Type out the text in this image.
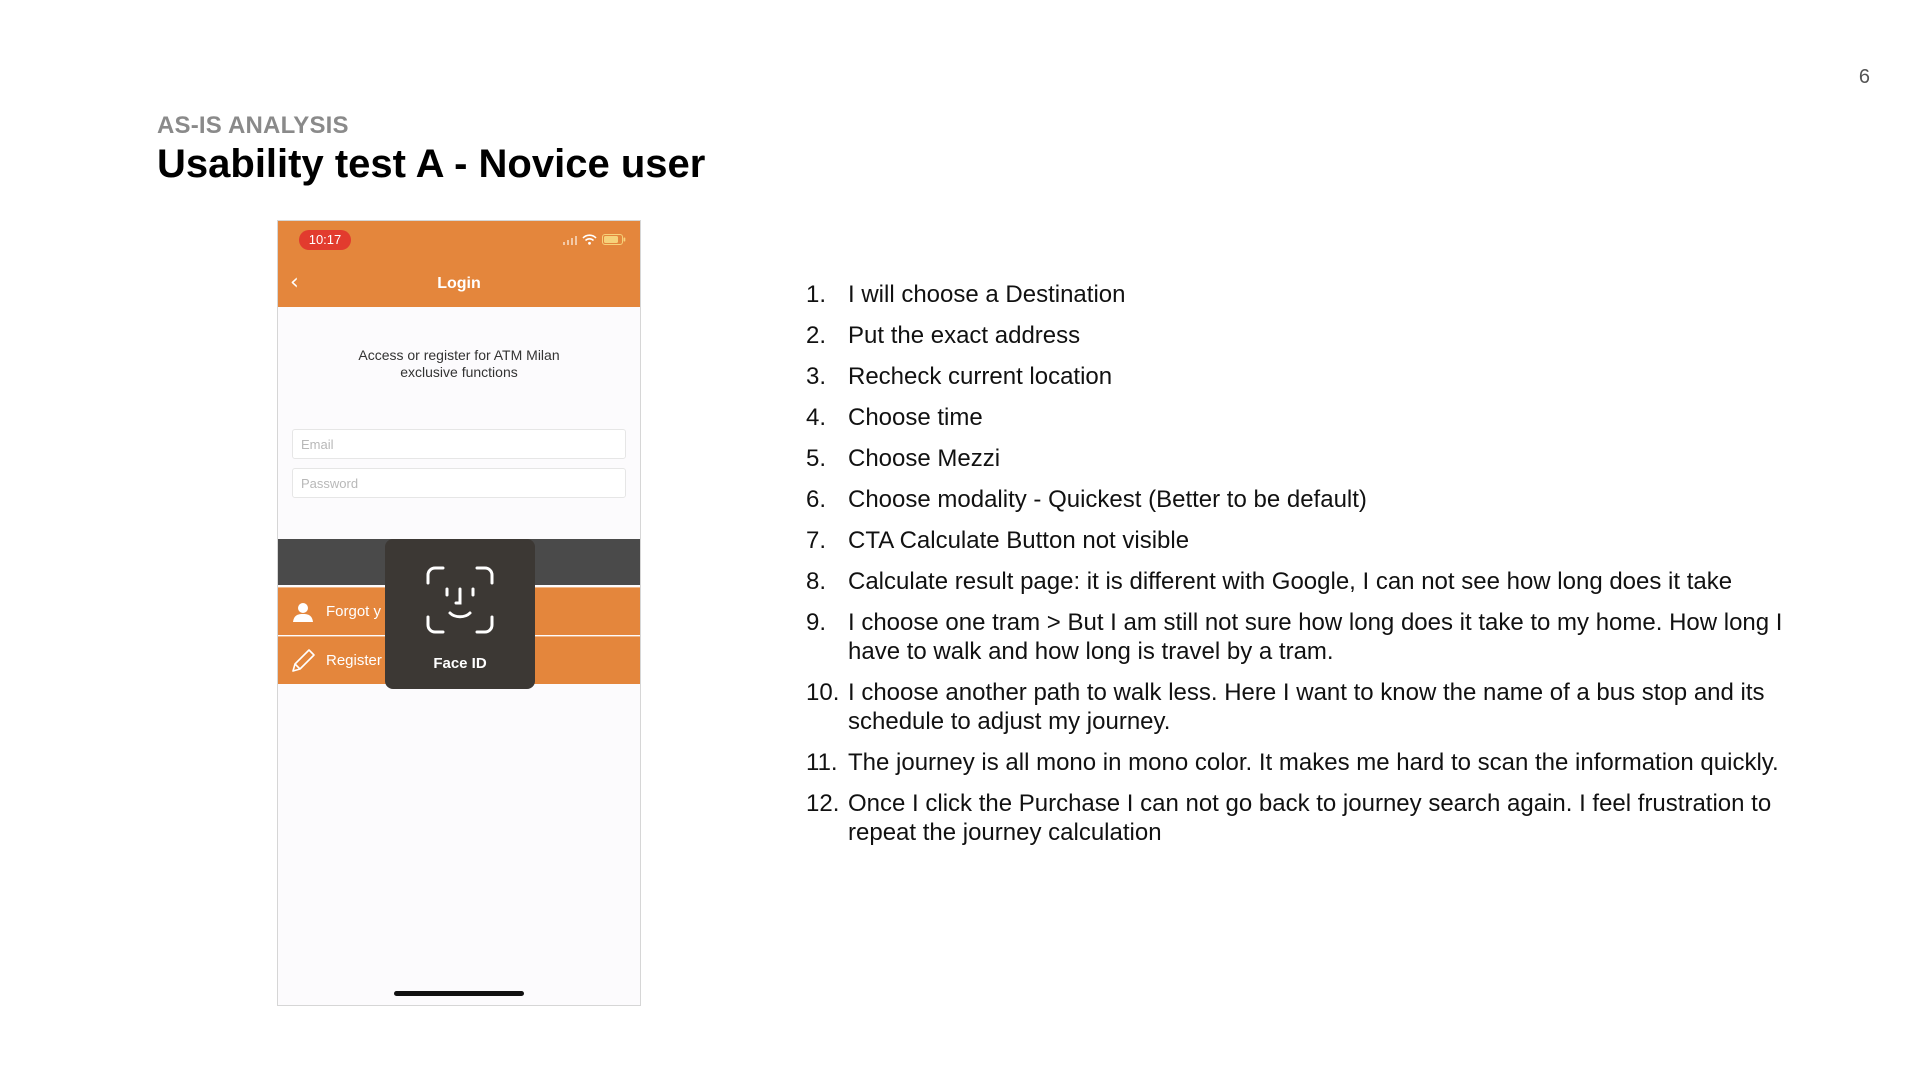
6
AS-IS ANALYSIS
Usability test A - Novice user
10:17
‹	Login
Access or register for ATM Milan exclusive functions
Email
Forgot y
Register	Face ID
1. I will choose a Destination
2. Put the exact address
3. Recheck current location
4. Choose time
5. Choose Mezzi
6. Choose modality - Quickest (Better to be default)
7. CTA Calculate Button not visible
8. Calculate result page: it is different with Google, I can not see how long does it take
9. I choose one tram > But I am still not sure how long does it take to my home. How long I have to walk and how long is travel by a tram.
10. I choose another path to walk less. Here I want to know the name of a bus stop and its schedule to adjust my journey.
11. The journey is all mono in mono color. It makes me hard to scan the information quickly.
12. Once I click the Purchase I can not go back to journey search again. I feel frustration to repeat the journey calculation
